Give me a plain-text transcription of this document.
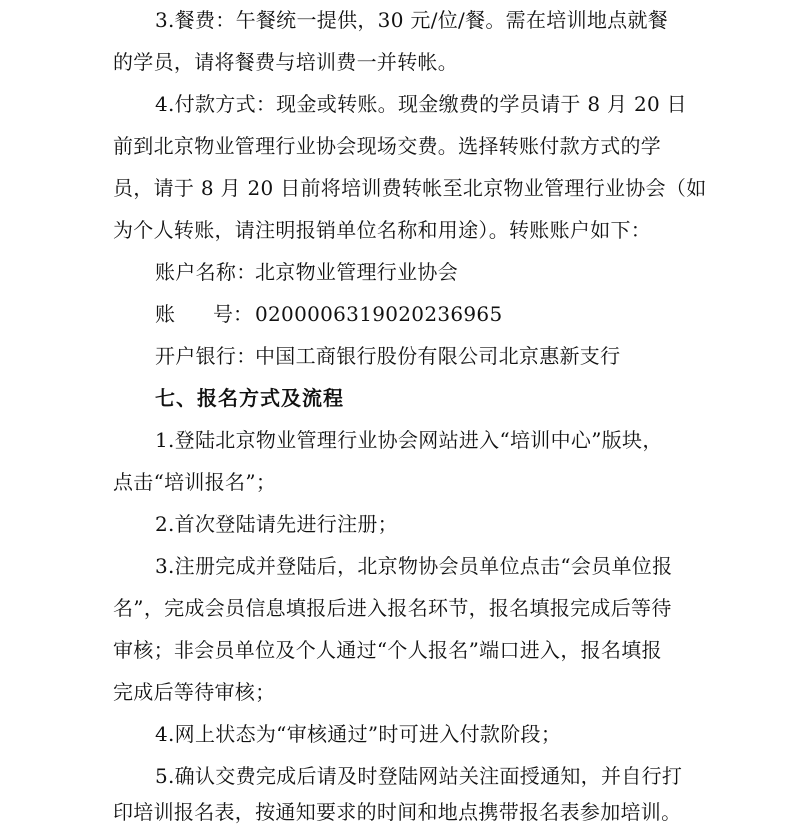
3.餐费：午餐统一提供，30 元/位/餐。需在培训地点就餐
的学员，请将餐费与培训费一并转帐。
4.付款方式：现金或转账。现金缴费的学员请于 8 月 20 日
前到北京物业管理行业协会现场交费。选择转账付款方式的学
员，请于 8 月 20 日前将培训费转帐至北京物业管理行业协会（如
为个人转账，请注明报销单位名称和用途）。转账账户如下：
账户名称：北京物业管理行业协会
账 号： 0200006319020236965
开户银行：中国工商银行股份有限公司北京惠新支行
七、报名方式及流程
1.登陆北京物业管理行业协会网站进入“培训中心”版块，
点击“培训报名”；
2.首次登陆请先进行注册；
3.注册完成并登陆后，北京物协会员单位点击“会员单位报
名”，完成会员信息填报后进入报名环节，报名填报完成后等待
审核；非会员单位及个人通过“个人报名”端口进入，报名填报
完成后等待审核；
4.网上状态为“审核通过”时可进入付款阶段；
5.确认交费完成后请及时登陆网站关注面授通知，并自行打
印培训报名表，按通知要求的时间和地点携带报名表参加培训。
